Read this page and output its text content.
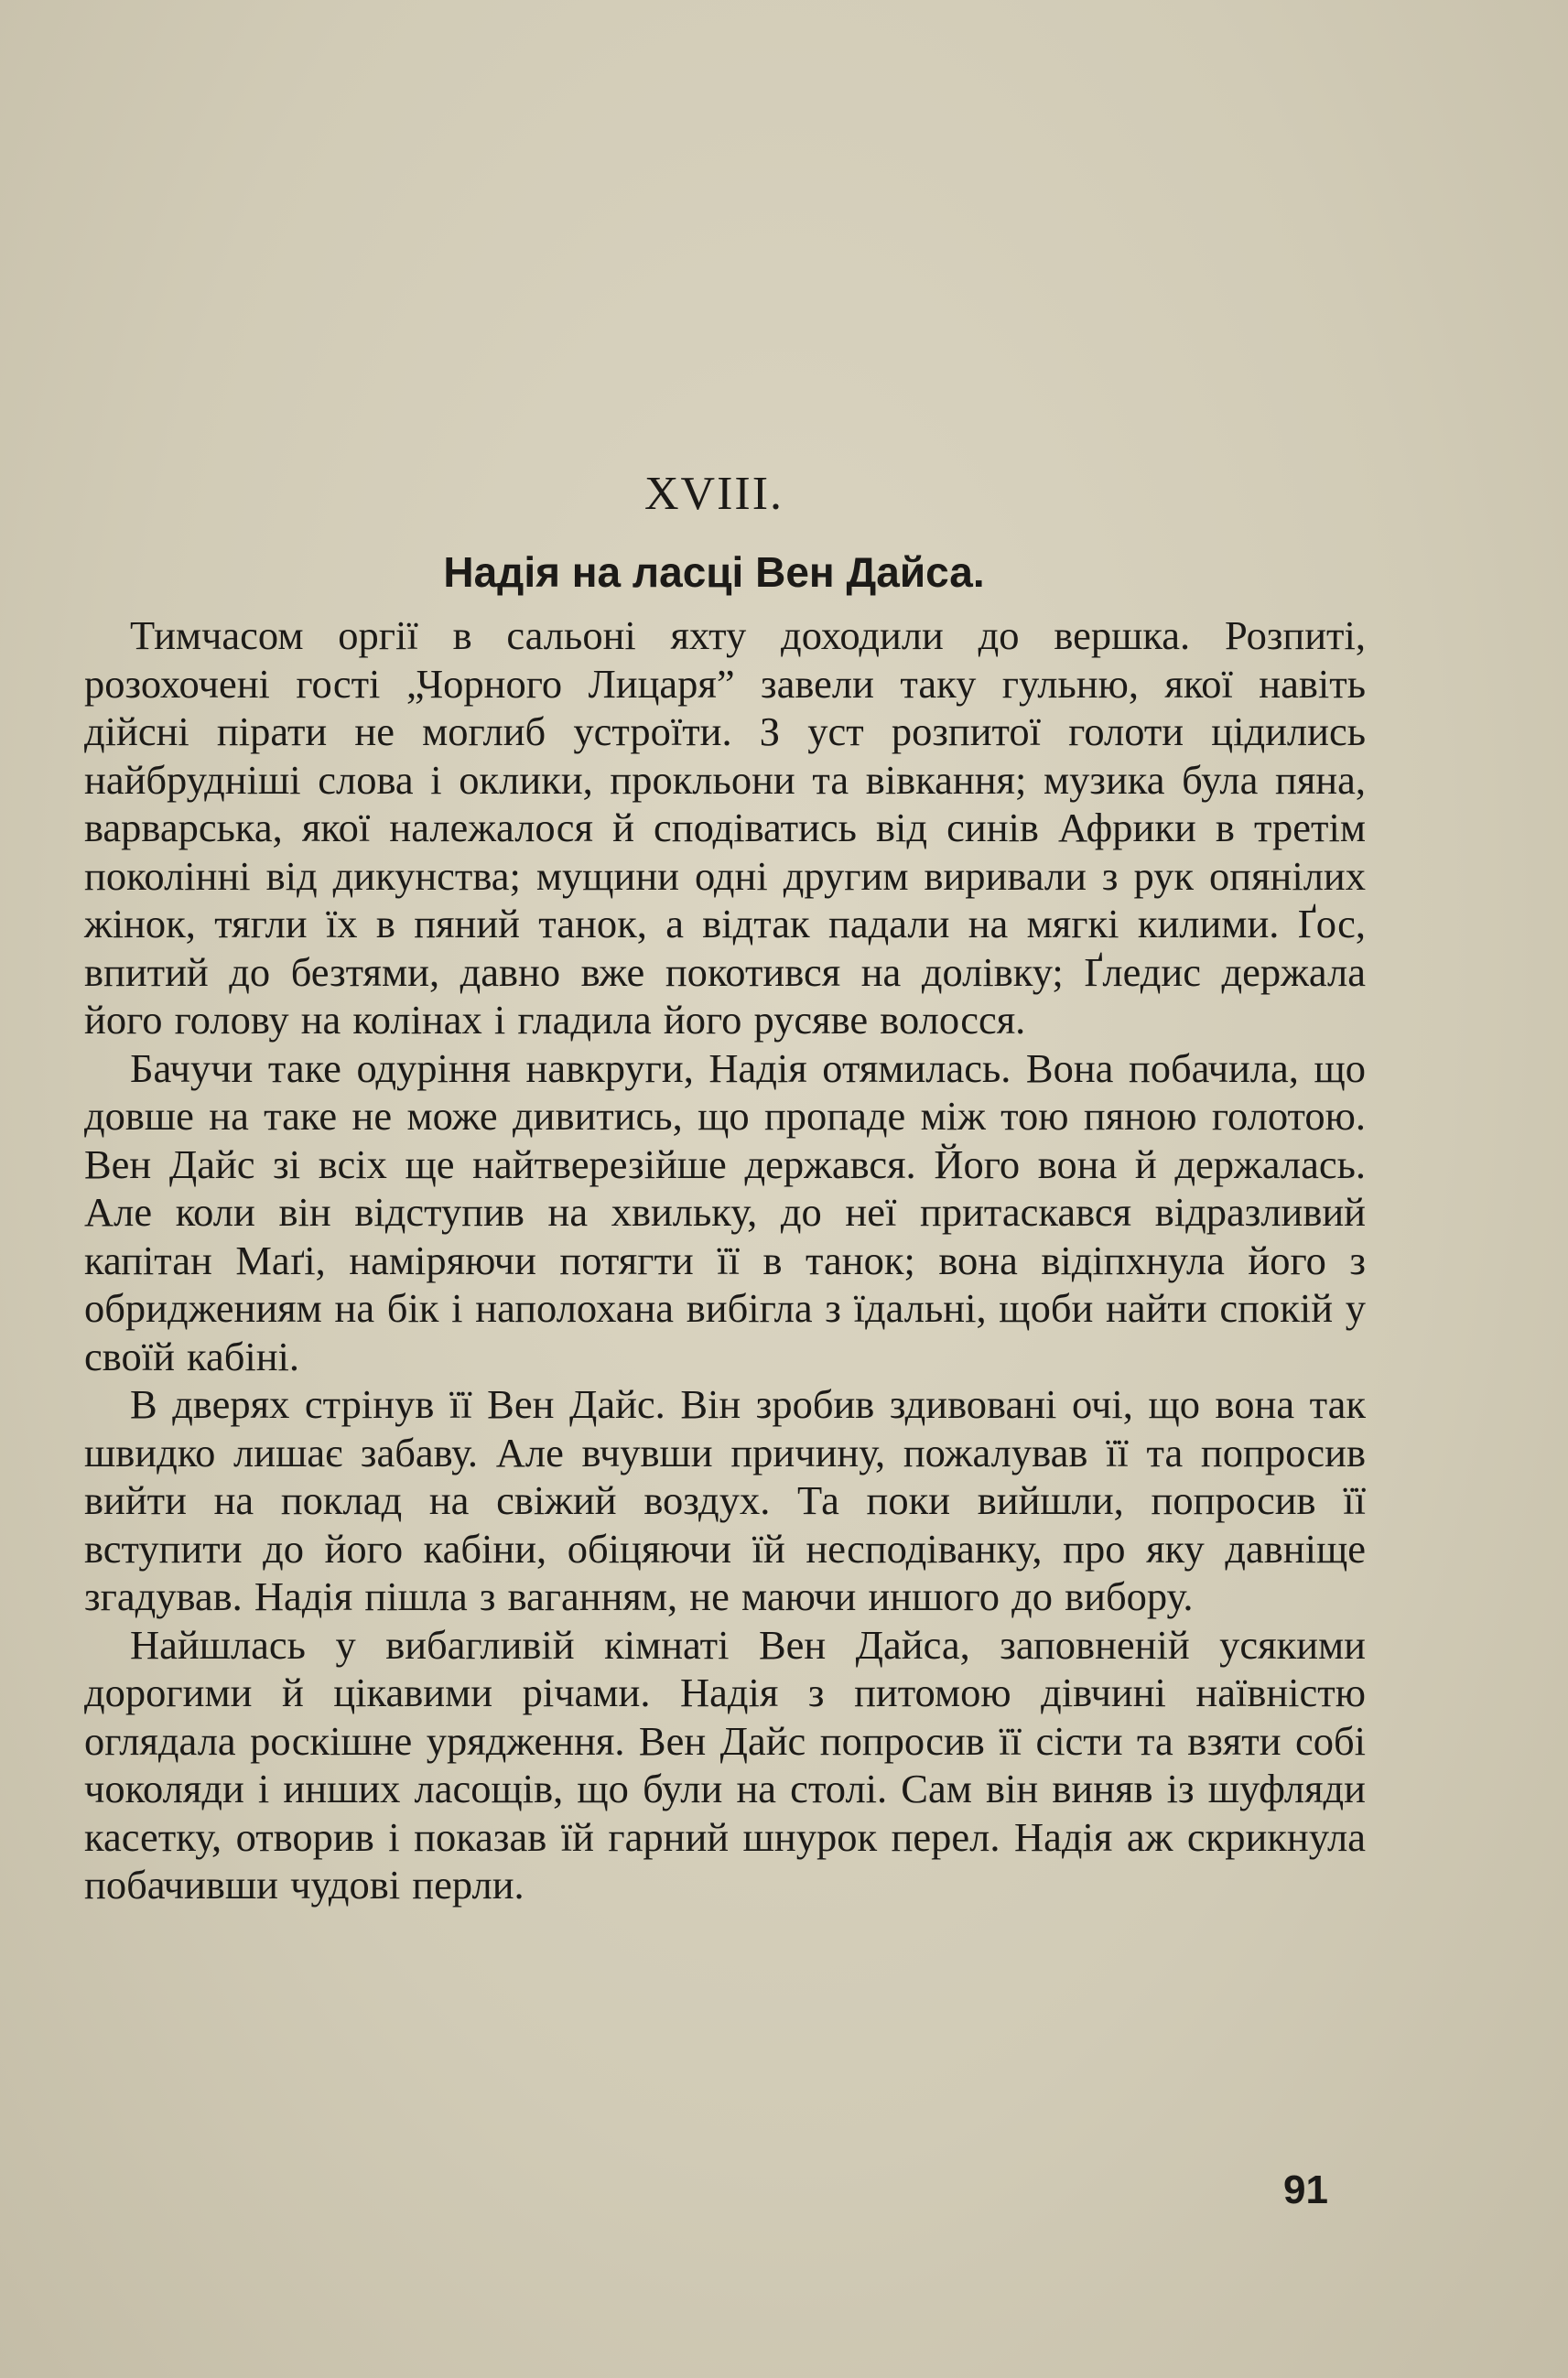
XVIII.
Надія на ласці Вен Дайса.

Тимчасом оргії в сальоні яхту доходили до вершка. Розпиті, розохочені гості „Чорного Лицаря” завели таку гульню, якої навіть дійсні пірати не моглиб устроїти. З уст розпитої голоти цідились найбрудніші слова і оклики, прокльони та вівкання; музика була пяна, варварська, якої належалося й сподіватись від синів Африки в третім поколінні від дикунства; мущини одні другим виривали з рук опянілих жінок, тягли їх в пяний танок, а відтак падали на мягкі килими. Ґос, впитий до безтями, давно вже покотився на долівку; Ґледис держала його голову на колінах і гладила його русяве волосся.

Бачучи таке одуріння навкруги, Надія отямилась. Вона побачила, що довше на таке не може дивитись, що пропаде між тою пяною голотою. Вен Дайс зі всіх ще найтверезійше держався. Його вона й держалась. Але коли він відступив на хвильку, до неї притаскався відразливий капітан Маґі, наміряючи потягти її в танок; вона відіпхнула його з обриджениям на бік і наполохана вибігла з їдальні, щоби найти спокій у своїй кабіні.

В дверях стрінув її Вен Дайс. Він зробив здивовані очі, що вона так швидко лишає забаву. Але вчувши причину, пожалував її та попросив вийти на поклад на свіжий воздух. Та поки вийшли, попросив її вступити до його кабіни, обіцяючи їй несподіванку, про яку давніще згадував. Надія пішла з ваганням, не маючи иншого до вибору.

Найшлась у вибагливій кімнаті Вен Дайса, заповненій усякими дорогими й цікавими річами. Надія з питомою дівчині наївністю оглядала роскішне урядження. Вен Дайс попросив її сісти та взяти собі чоколяди і инших ласощів, що були на столі. Сам він виняв із шуфляди касетку, отворив і показав їй гарний шнурок перел. Надія аж скрикнула побачивши чудові перли.

91
